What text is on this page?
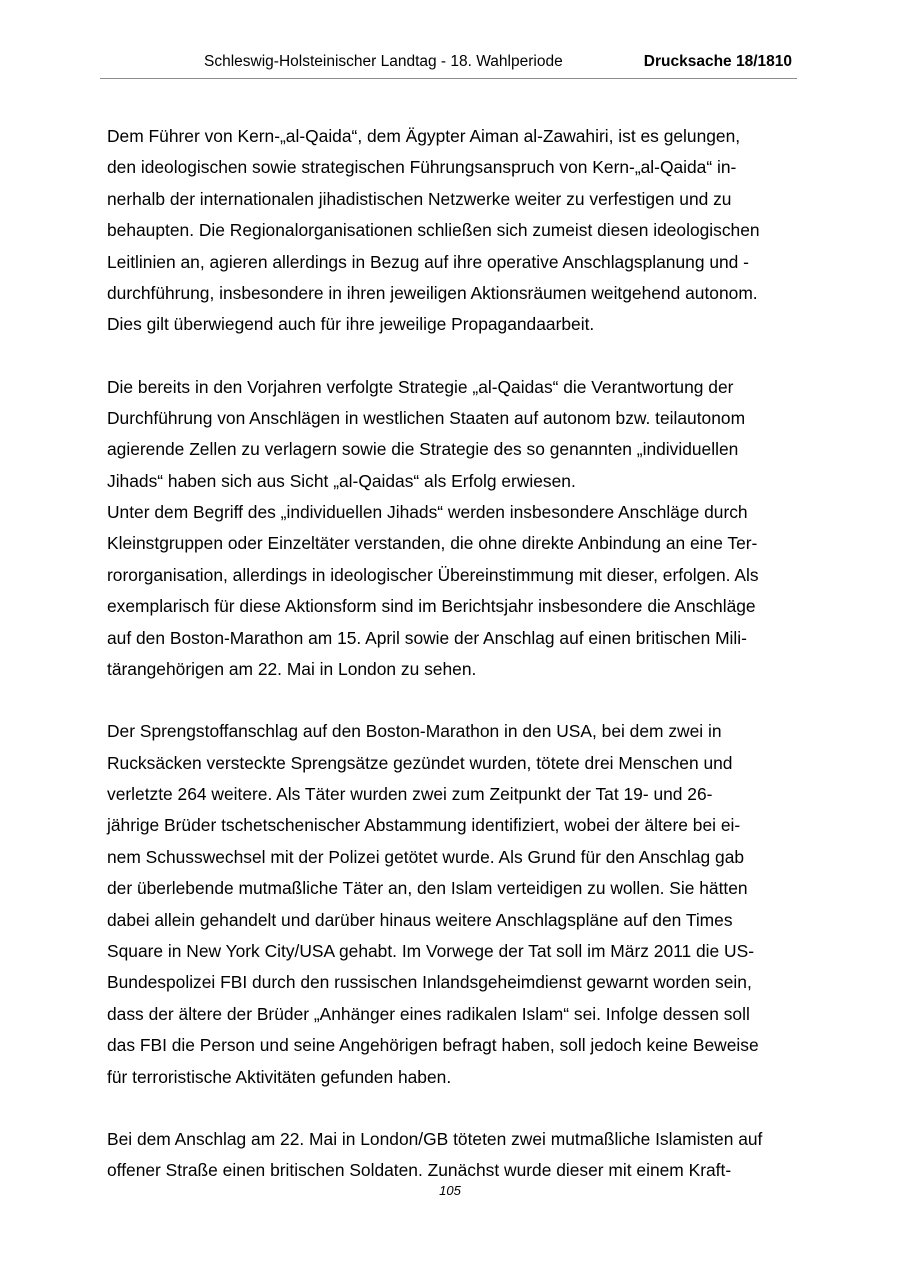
Schleswig-Holsteinischer Landtag - 18. Wahlperiode	Drucksache 18/1810

Dem Führer von Kern-„al-Qaida“, dem Ägypter Aiman al-Zawahiri, ist es gelungen,
den ideologischen sowie strategischen Führungsanspruch von Kern-„al-Qaida“ in-
nerhalb der internationalen jihadistischen Netzwerke weiter zu verfestigen und zu
behaupten. Die Regionalorganisationen schließen sich zumeist diesen ideologischen
Leitlinien an, agieren allerdings in Bezug auf ihre operative Anschlagsplanung und -
durchführung, insbesondere in ihren jeweiligen Aktionsräumen weitgehend autonom.
Dies gilt überwiegend auch für ihre jeweilige Propagandaarbeit.

Die bereits in den Vorjahren verfolgte Strategie „al-Qaidas“ die Verantwortung der
Durchführung von Anschlägen in westlichen Staaten auf autonom bzw. teilautonom
agierende Zellen zu verlagern sowie die Strategie des so genannten „individuellen
Jihads“ haben sich aus Sicht „al-Qaidas“ als Erfolg erwiesen.
Unter dem Begriff des „individuellen Jihads“ werden insbesondere Anschläge durch
Kleinstgruppen oder Einzeltäter verstanden, die ohne direkte Anbindung an eine Ter-
rororganisation, allerdings in ideologischer Übereinstimmung mit dieser, erfolgen. Als
exemplarisch für diese Aktionsform sind im Berichtsjahr insbesondere die Anschläge
auf den Boston-Marathon am 15. April sowie der Anschlag auf einen britischen Mili-
tärangehörigen am 22. Mai in London zu sehen.

Der Sprengstoffanschlag auf den Boston-Marathon in den USA, bei dem zwei in
Rucksäcken versteckte Sprengsätze gezündet wurden, tötete drei Menschen und
verletzte 264 weitere. Als Täter wurden zwei zum Zeitpunkt der Tat 19- und 26-
jährige Brüder tschetschenischer Abstammung identifiziert, wobei der ältere bei ei-
nem Schusswechsel mit der Polizei getötet wurde. Als Grund für den Anschlag gab
der überlebende mutmaßliche Täter an, den Islam verteidigen zu wollen. Sie hätten
dabei allein gehandelt und darüber hinaus weitere Anschlagspläne auf den Times
Square in New York City/USA gehabt. Im Vorwege der Tat soll im März 2011 die US-
Bundespolizei FBI durch den russischen Inlandsgeheimdienst gewarnt worden sein,
dass der ältere der Brüder „Anhänger eines radikalen Islam“ sei. Infolge dessen soll
das FBI die Person und seine Angehörigen befragt haben, soll jedoch keine Beweise
für terroristische Aktivitäten gefunden haben.

Bei dem Anschlag am 22. Mai in London/GB töteten zwei mutmaßliche Islamisten auf
offener Straße einen britischen Soldaten. Zunächst wurde dieser mit einem Kraft-

105
